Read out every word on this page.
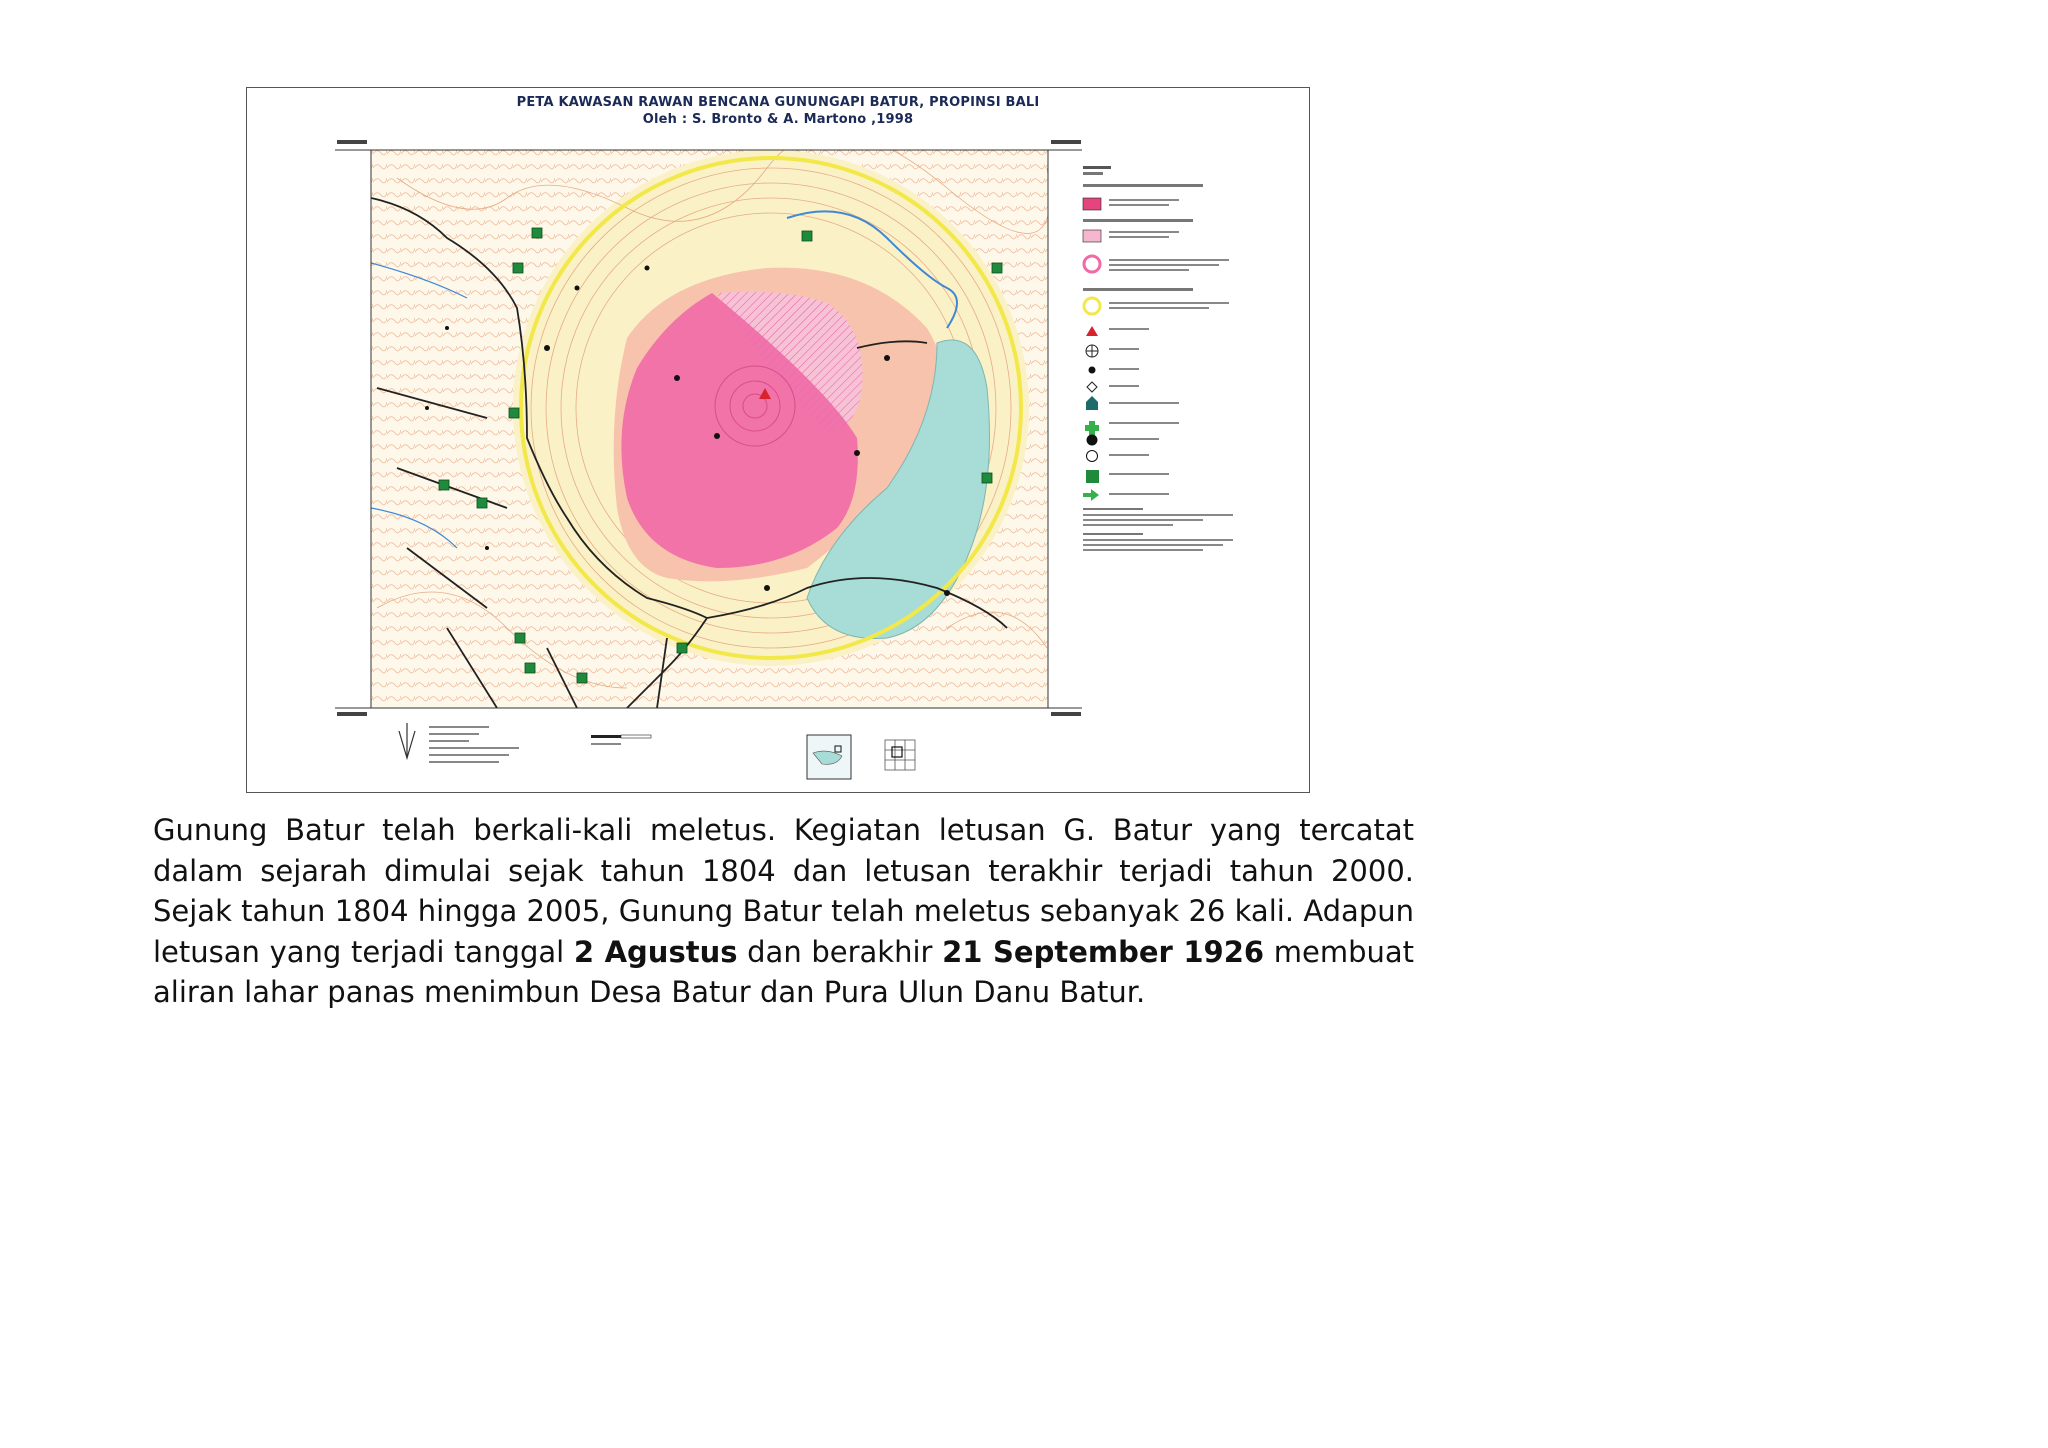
PETA KAWASAN RAWAN BENCANA GUNUNGAPI BATUR, PROPINSI BALI
Oleh : S. Bronto & A. Martono ,1998
Gunung Batur telah berkali-kali meletus. Kegiatan letusan G. Batur yang tercatat dalam sejarah dimulai sejak tahun 1804 dan letusan terakhir terjadi tahun 2000. Sejak tahun 1804 hingga 2005, Gunung Batur telah meletus sebanyak 26 kali. Adapun letusan yang terjadi tanggal 2 Agustus dan berakhir 21 September 1926 membuat aliran lahar panas menimbun Desa Batur dan Pura Ulun Danu Batur.
